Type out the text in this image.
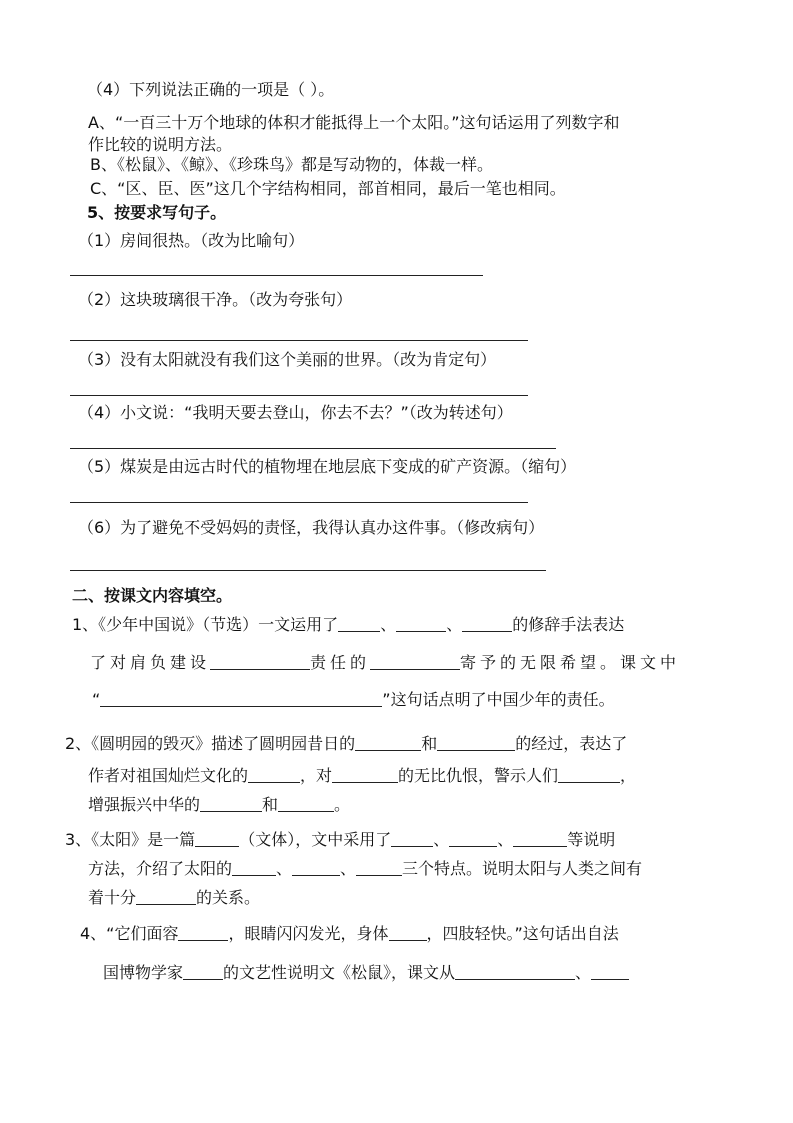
（4）下列说法正确的一项是（ ）。
A、“一百三十万个地球的体积才能抵得上一个太阳。”这句话运用了列数字和
作比较的说明方法。
B、《松鼠》、《鲸》、《珍珠鸟》都是写动物的，体裁一样。
C、“区、臣、医”这几个字结构相同，部首相同，最后一笔也相同。
5、按要求写句子。
（1）房间很热。（改为比喻句）
（2）这块玻璃很干净。（改为夸张句）
（3）没有太阳就没有我们这个美丽的世界。（改为肯定句）
（4）小文说：“我明天要去登山，你去不去？”（改为转述句）
（5）煤炭是由远古时代的植物埋在地层底下变成的矿产资源。（缩句）
（6）为了避免不受妈妈的责怪，我得认真办这件事。（修改病句）
二、按课文内容填空。
1、《少年中国说》（节选）一文运用了	、	、	的修辞手法表达
了对肩负建设	责任的	寄予的无限希望。课文中
“	”这句话点明了中国少年的责任。
2、《圆明园的毁灭》描述了圆明园昔日的	和	的经过，表达了
作者对祖国灿烂文化的	，对	的无比仇恨，警示人们	，
增强振兴中华的	和	。
3、《太阳》是一篇	（文体），文中采用了	、	、	等说明
方法，介绍了太阳的	、	、	三个特点。说明太阳与人类之间有
着十分	的关系。
4、“它们面容	，眼睛闪闪发光，身体 ，四肢轻快。”这句话出自法
国博物学家	的文艺性说明文《松鼠》，课文从	、
